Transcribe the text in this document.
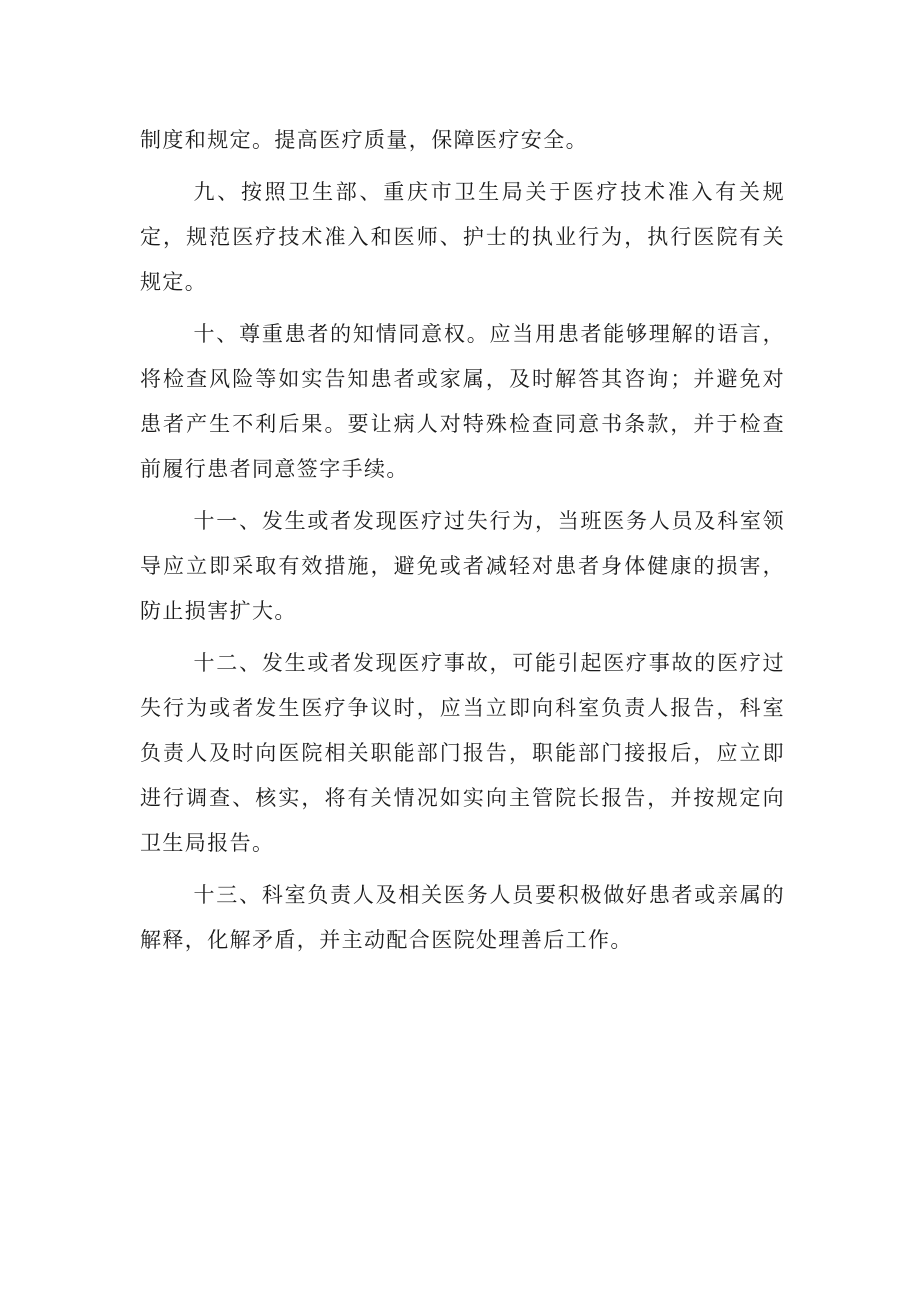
制度和规定。提高医疗质量，保障医疗安全。

九、按照卫生部、重庆市卫生局关于医疗技术准入有关规定，规范医疗技术准入和医师、护士的执业行为，执行医院有关规定。

十、尊重患者的知情同意权。应当用患者能够理解的语言，将检查风险等如实告知患者或家属，及时解答其咨询；并避免对患者产生不利后果。要让病人对特殊检查同意书条款，并于检查前履行患者同意签字手续。

十一、发生或者发现医疗过失行为，当班医务人员及科室领导应立即采取有效措施，避免或者减轻对患者身体健康的损害，防止损害扩大。

十二、发生或者发现医疗事故，可能引起医疗事故的医疗过失行为或者发生医疗争议时，应当立即向科室负责人报告，科室负责人及时向医院相关职能部门报告，职能部门接报后，应立即进行调查、核实，将有关情况如实向主管院长报告，并按规定向卫生局报告。

十三、科室负责人及相关医务人员要积极做好患者或亲属的解释，化解矛盾，并主动配合医院处理善后工作。
